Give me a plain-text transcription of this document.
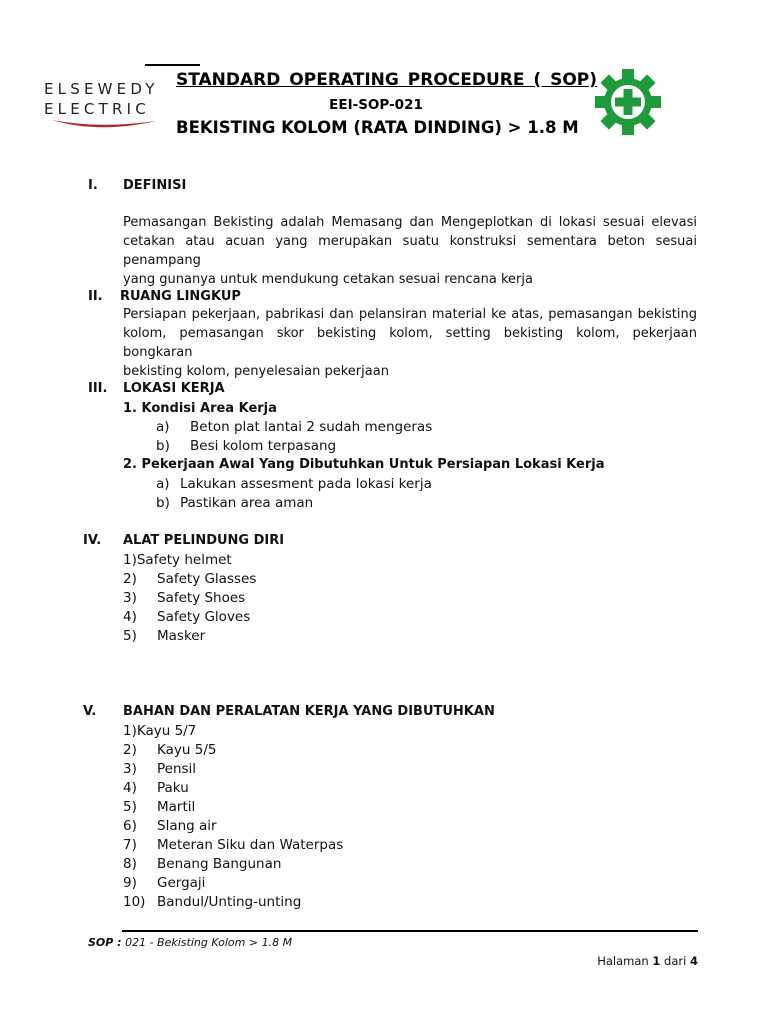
ELSEWEDY
ELECTRIC
STANDARD OPERATING PROCEDURE ( SOP)
EEI-SOP-021
BEKISTING KOLOM (RATA DINDING) > 1.8 M
I. DEFINISI
Pemasangan Bekisting adalah Memasang dan Mengeplotkan di lokasi sesuai elevasi
cetakan atau acuan yang merupakan suatu konstruksi sementara beton sesuai penampang
yang gunanya untuk mendukung cetakan sesuai rencana kerja
II. RUANG LINGKUP
Persiapan pekerjaan, pabrikasi dan pelansiran material ke atas, pemasangan bekisting
kolom, pemasangan skor bekisting kolom, setting bekisting kolom, pekerjaan bongkaran
bekisting kolom, penyelesaian pekerjaan
III. LOKASI KERJA
1. Kondisi Area Kerja
a) Beton plat lantai 2 sudah mengeras
b) Besi kolom terpasang
2. Pekerjaan Awal Yang Dibutuhkan Untuk Persiapan Lokasi Kerja
a) Lakukan assesment pada lokasi kerja
b) Pastikan area aman
IV. ALAT PELINDUNG DIRI
1)Safety helmet
2) Safety Glasses
3) Safety Shoes
4) Safety Gloves
5) Masker
V. BAHAN DAN PERALATAN KERJA YANG DIBUTUHKAN
1)Kayu 5/7
2) Kayu 5/5
3) Pensil
4) Paku
5) Martil
6) Slang air
7) Meteran Siku dan Waterpas
8) Benang Bangunan
9) Gergaji
10) Bandul/Unting-unting
SOP : 021 - Bekisting Kolom > 1.8 M
Halaman 1 dari 4
